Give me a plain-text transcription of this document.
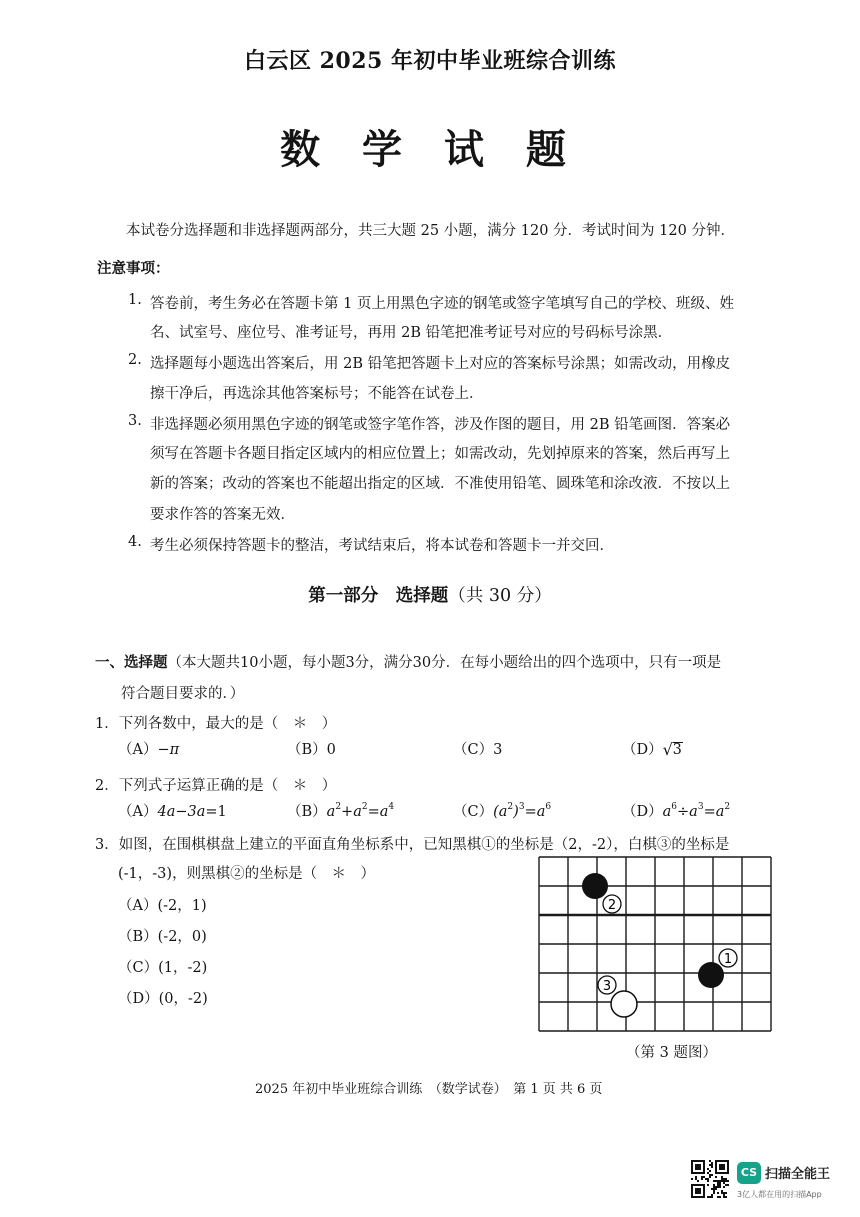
白云区 2025 年初中毕业班综合训练
数 学 试 题
本试卷分选择题和非选择题两部分，共三大题 25 小题，满分 120 分．考试时间为 120 分钟．
注意事项：
1. 答卷前，考生务必在答题卡第 1 页上用黑色字迹的钢笔或签字笔填写自己的学校、班级、姓
名、试室号、座位号、准考证号，再用 2B 铅笔把准考证号对应的号码标号涂黑．
2. 选择题每小题选出答案后，用 2B 铅笔把答题卡上对应的答案标号涂黑；如需改动，用橡皮
擦干净后，再选涂其他答案标号；不能答在试卷上．
3. 非选择题必须用黑色字迹的钢笔或签字笔作答，涉及作图的题目，用 2B 铅笔画图．答案必
须写在答题卡各题目指定区域内的相应位置上；如需改动，先划掉原来的答案，然后再写上
新的答案；改动的答案也不能超出指定的区域．不准使用铅笔、圆珠笔和涂改液．不按以上
要求作答的答案无效．
4. 考生必须保持答题卡的整洁，考试结束后，将本试卷和答题卡一并交回．
第一部分　选择题（共 30 分）
一、选择题（本大题共10小题，每小题3分，满分30分．在每小题给出的四个选项中，只有一项是
符合题目要求的．）
1．下列各数中，最大的是（　＊　）
（A）−π	（B）0	（C）3	（D） √ 3
2．下列式子运算正确的是（　＊　）
（A）4a−3a=1	$(B)a^2+a^2=a^4$	$(C)(a^2)^3=a^6$	$(D)a^6\div a^3=a^2$
3．如图，在围棋棋盘上建立的平面直角坐标系中，已知黑棋①的坐标是（2，-2），白棋③的坐标是
(-1，-3)，则黑棋②的坐标是（　＊　）
（A）(-2，1)
（B）(-2，0)
（C）(1，-2)
（D）(0，-2)
2
1
3
（第 3 题图）
2025 年初中毕业班综合训练　（数学试卷）　第 1 页 共 6 页
CS 扫描全能王
3亿人都在用的扫描App
